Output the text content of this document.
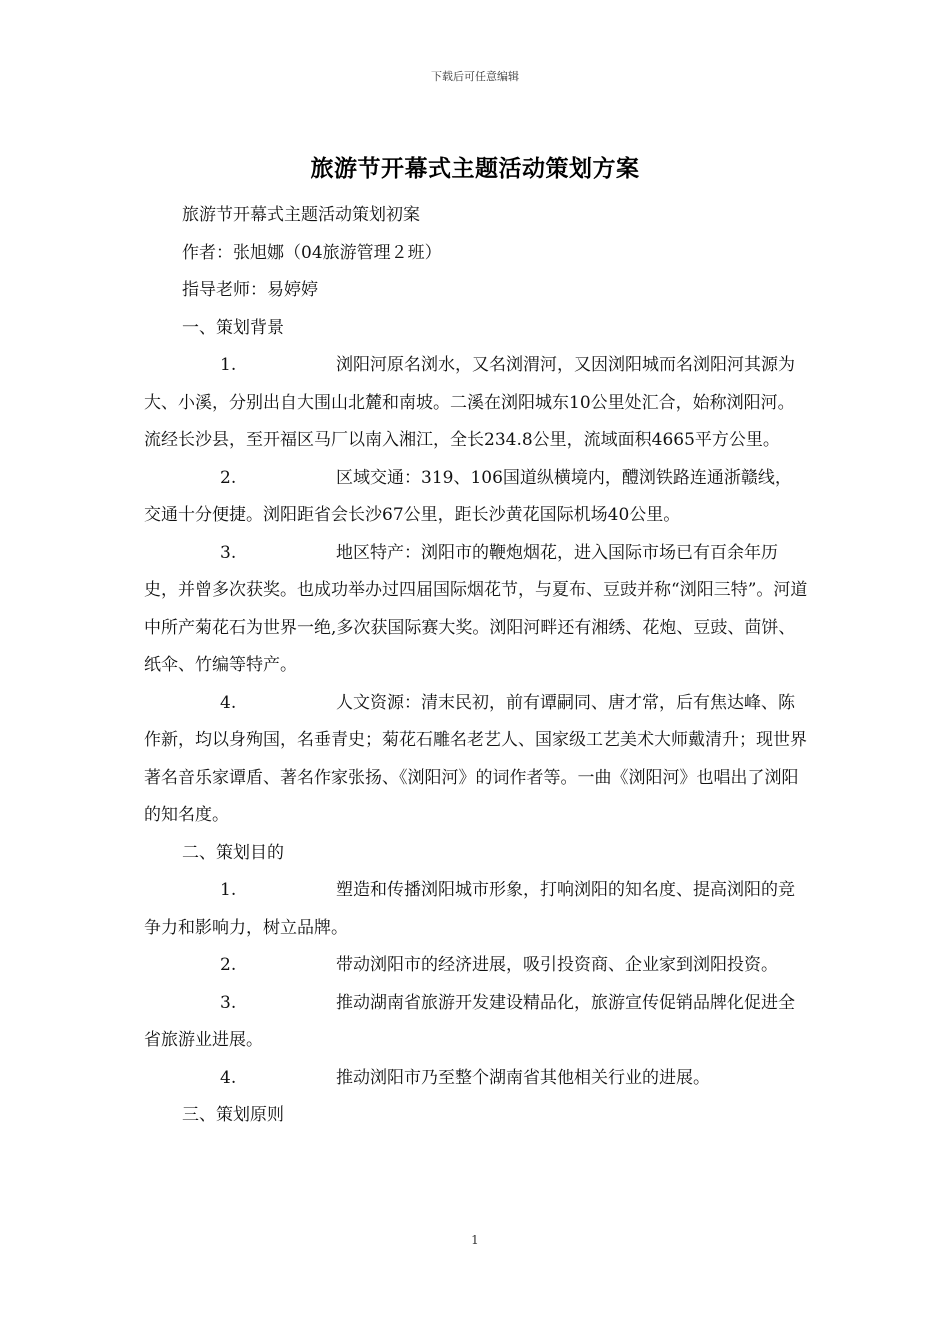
下载后可任意编辑
旅游节开幕式主题活动策划方案

旅游节开幕式主题活动策划初案

作者：张旭娜（04旅游管理２班）

指导老师：易婷婷

一、策划背景

1.	浏阳河原名浏水，又名浏渭河，又因浏阳城而名浏阳河其源为大、小溪，分别出自大围山北麓和南坡。二溪在浏阳城东10公里处汇合，始称浏阳河。流经长沙县，至开福区马厂以南入湘江，全长234.8公里，流域面积4665平方公里。

2.	区域交通：319、106国道纵横境内，醴浏铁路连通浙赣线，交通十分便捷。浏阳距省会长沙67公里，距长沙黄花国际机场40公里。

3.	地区特产：浏阳市的鞭炮烟花，进入国际市场已有百余年历史，并曾多次获奖。也成功举办过四届国际烟花节，与夏布、豆豉并称“浏阳三特”。河道中所产菊花石为世界一绝,多次获国际赛大奖。浏阳河畔还有湘绣、花炮、豆豉、茴饼、纸伞、竹编等特产。

4.	人文资源：清末民初，前有谭嗣同、唐才常，后有焦达峰、陈作新，均以身殉国，名垂青史；菊花石雕名老艺人、国家级工艺美术大师戴清升；现世界著名音乐家谭盾、著名作家张扬、《浏阳河》的词作者等。一曲《浏阳河》也唱出了浏阳的知名度。

二、策划目的

1.	塑造和传播浏阳城市形象，打响浏阳的知名度、提高浏阳的竞争力和影响力，树立品牌。

2.	带动浏阳市的经济进展，吸引投资商、企业家到浏阳投资。

3.	推动湖南省旅游开发建设精品化，旅游宣传促销品牌化促进全省旅游业进展。

4.	推动浏阳市乃至整个湖南省其他相关行业的进展。

三、策划原则

1
